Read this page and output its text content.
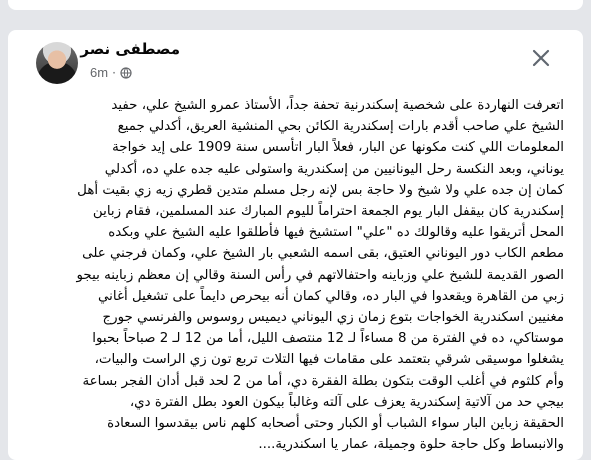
مصطفى نصر
6m ·
اتعرفت النهاردة على شخصية إسكندرنية تحفة جداً، الأستاذ عمرو الشيخ علي، حفيد
الشيخ علي صاحب أقدم بارات إسكندرية الكائن بحي المنشية العريق، أكدلي جميع
المعلومات اللي كنت مكونها عن البار، فعلاً البار اتأسس سنة 1909 على إيد خواجة
يوناني، وبعد النكسة رحل اليونانيين من إسكندرية واستولى عليه جده علي ده، أكدلي
كمان إن جده علي ولا شيخ ولا حاجة بس لإنه رجل مسلم متدين قطري زيه زي بقيت أهل
إسكندرية كان بيقفل البار يوم الجمعة احتراماً لليوم المبارك عند المسلمين، فقام زباين
المحل أتريقوا عليه وقالولك ده "علي" استشيخ فيها فأطلقوا عليه الشيخ علي وبكده
مطعم الكاب دور اليوناني العتيق، بقى اسمه الشعبي بار الشيخ علي، وكمان فرجني على
الصور القديمة للشيخ علي وزباينه واحتفالاتهم في رأس السنة وقالي إن معظم زباينه بيجو
زبي من القاهرة ويقعدوا في البار ده، وقالي كمان أنه بيحرص دايماً على تشغيل أغاني
مغنيين اسكندرية الخواجات بتوع زمان زي اليوناني ديميس روسوس والفرنسي جورج
موستاكي، ده في الفترة من 8 مساءاً لـ 12 منتصف الليل، أما من 12 لـ 2 صباحاً بحبوا
يشغلوا موسيقى شرقي بتعتمد على مقامات فيها التلات تربع تون زي الراست والبيات،
وأم كلثوم في أغلب الوقت بتكون بطلة الفقرة دي، أما من 2 لحد قبل أدان الفجر بساعة
بيجي حد من آلاتية إسكندرية يعزف على آلته وغالباً بيكون العود بطل الفترة دي،
الحقيقة زباين البار سواء الشباب أو الكبار وحتى أصحابه كلهم ناس بيقدسوا السعادة
والانبساط وكل حاجة حلوة وجميلة، عمار يا اسكندرية....
